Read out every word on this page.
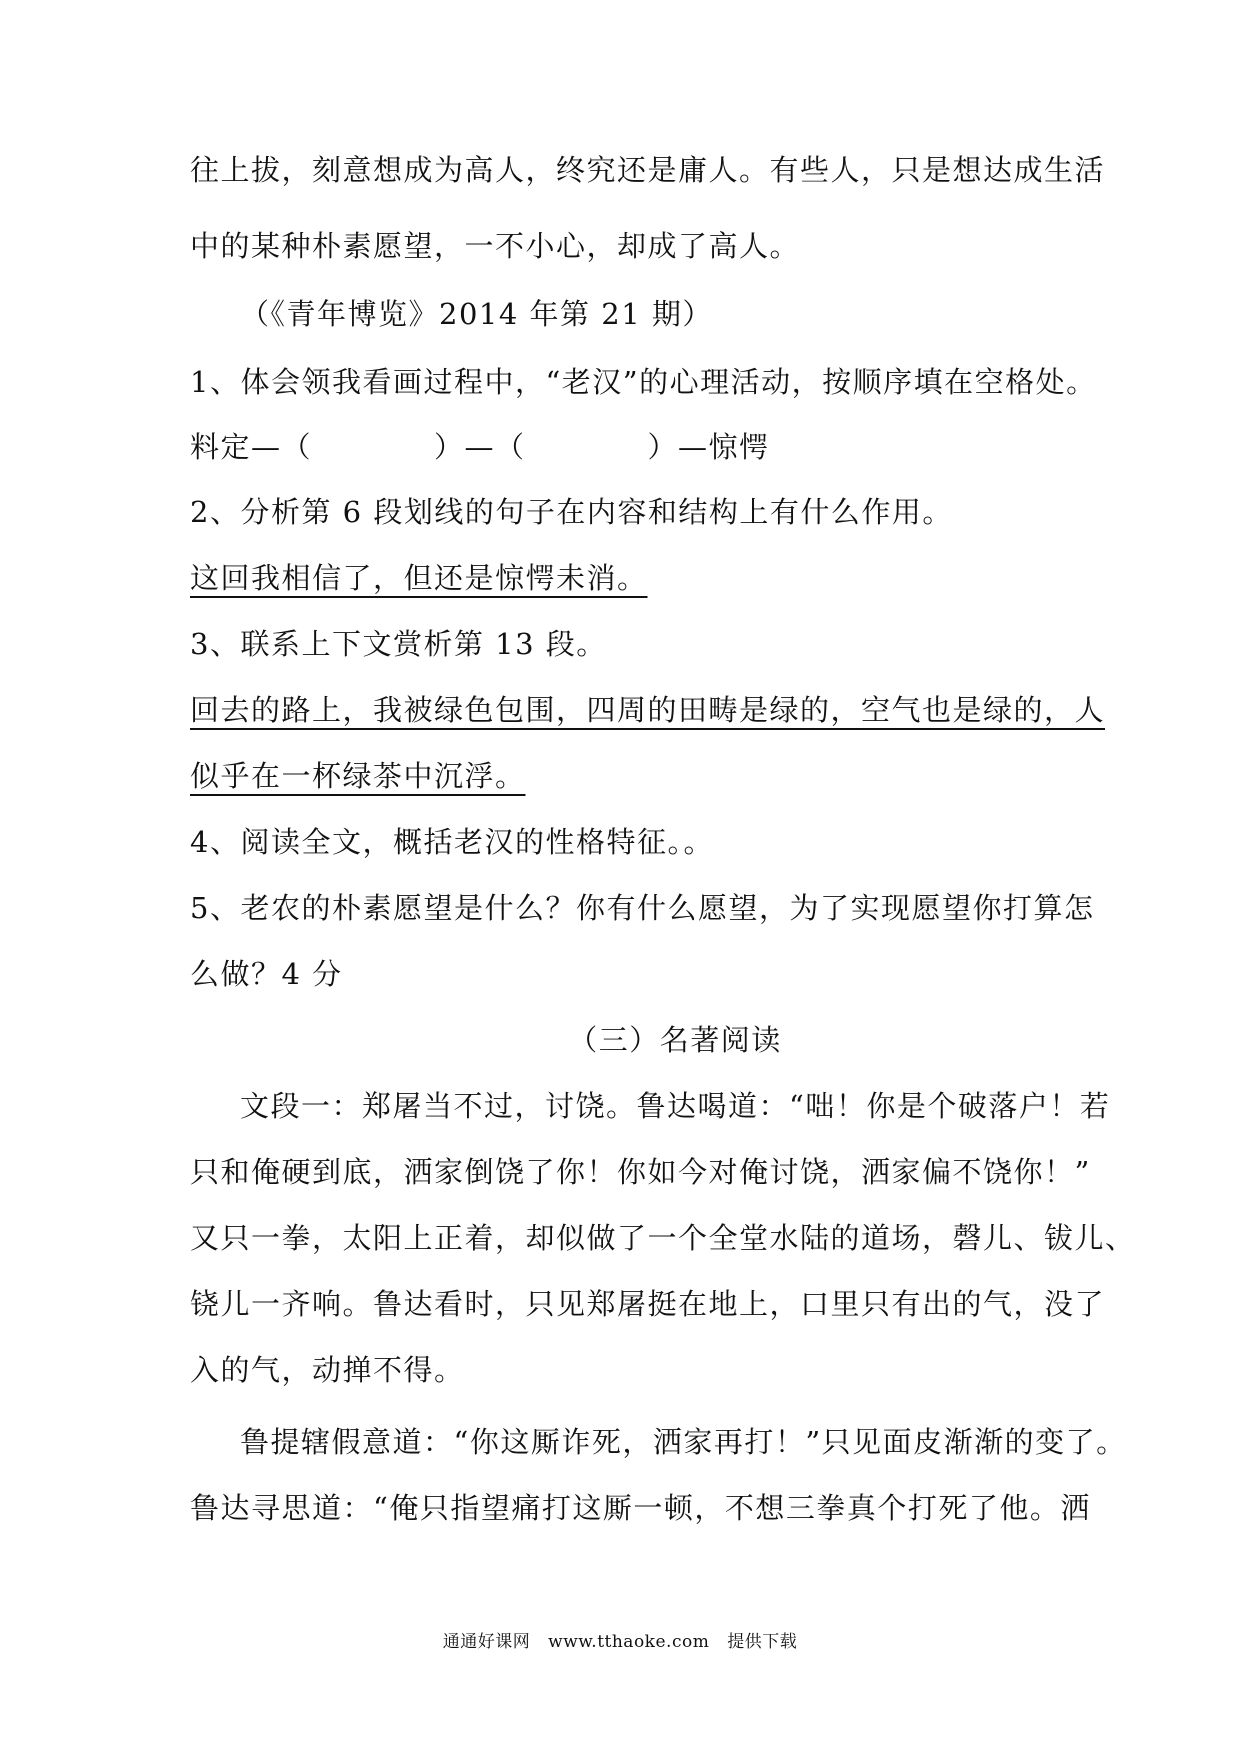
往上拔，刻意想成为高人，终究还是庸人。有些人，只是想达成生活
中的某种朴素愿望，一不小心，却成了高人。
（《青年博览》2014 年第 21 期）
1、体会领我看画过程中，“老汉”的心理活动，按顺序填在空格处。
料定—（　　　　）—（　　　　）—惊愕
2、分析第 6 段划线的句子在内容和结构上有什么作用。
这回我相信了，但还是惊愕未消。
3、联系上下文赏析第 13 段。
回去的路上，我被绿色包围，四周的田畴是绿的，空气也是绿的，人
似乎在一杯绿茶中沉浮。
4、阅读全文，概括老汉的性格特征。。
5、老农的朴素愿望是什么？你有什么愿望，为了实现愿望你打算怎
么做？4 分
（三）名著阅读
文段一：郑屠当不过，讨饶。鲁达喝道：“咄！你是个破落户！若
只和俺硬到底，洒家倒饶了你！你如今对俺讨饶，洒家偏不饶你！”
又只一拳，太阳上正着，却似做了一个全堂水陆的道场，磬儿、钹儿、
铙儿一齐响。鲁达看时，只见郑屠挺在地上，口里只有出的气，没了
入的气，动掸不得。
鲁提辖假意道：“你这厮诈死，洒家再打！”只见面皮渐渐的变了。
鲁达寻思道：“俺只指望痛打这厮一顿，不想三拳真个打死了他。洒
通通好课网 www.tthaoke.com 提供下载
